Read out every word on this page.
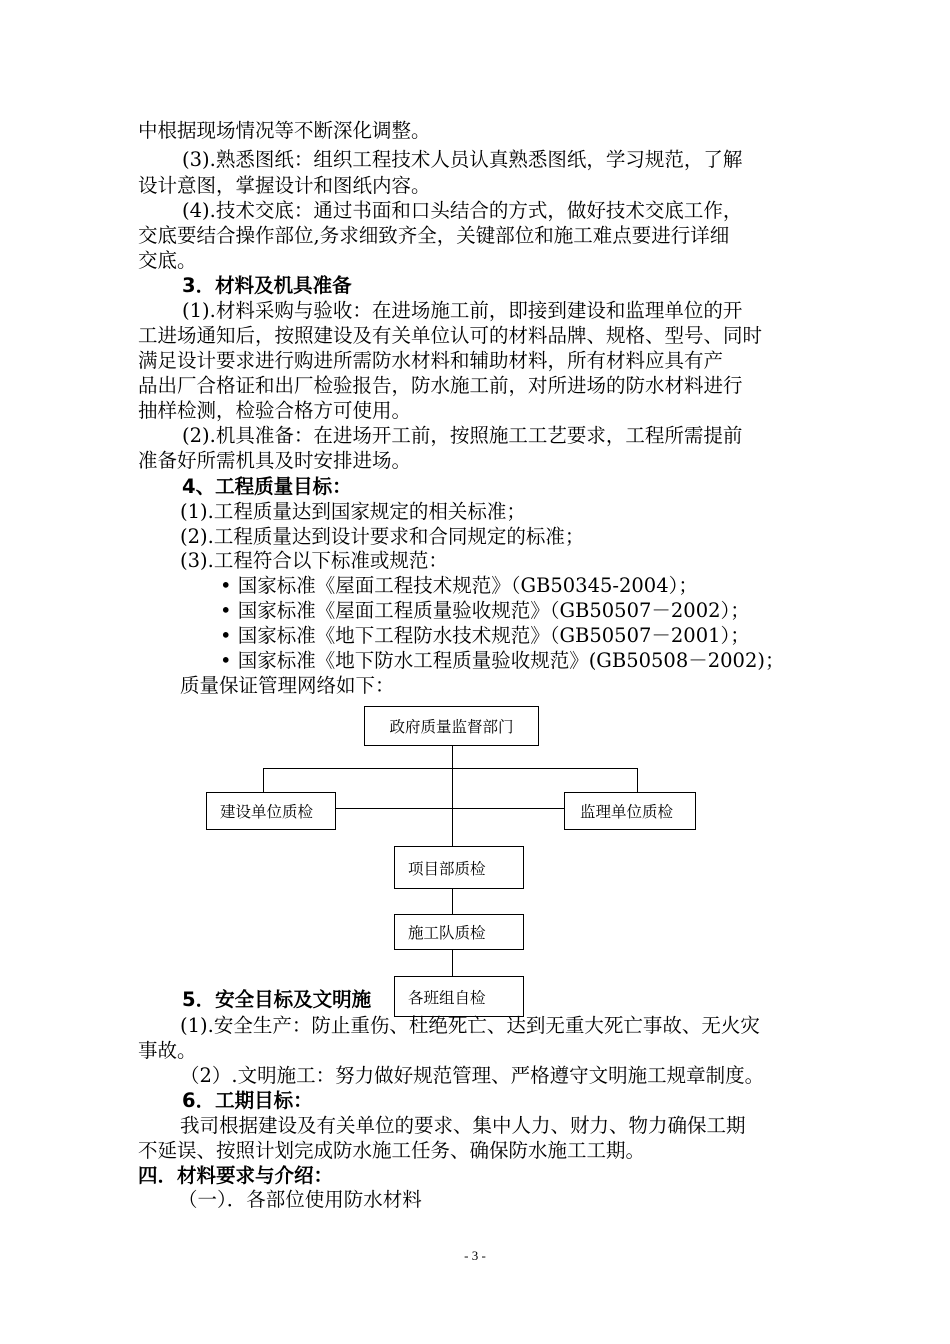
中根据现场情况等不断深化调整。
(3).熟悉图纸：组织工程技术人员认真熟悉图纸，学习规范，了解
设计意图，掌握设计和图纸内容。
(4).技术交底：通过书面和口头结合的方式，做好技术交底工作，
交底要结合操作部位,务求细致齐全，关键部位和施工难点要进行详细
交底。
3．材料及机具准备
(1).材料采购与验收：在进场施工前，即接到建设和监理单位的开
工进场通知后，按照建设及有关单位认可的材料品牌、规格、型号、同时
满足设计要求进行购进所需防水材料和辅助材料，所有材料应具有产
品出厂合格证和出厂检验报告，防水施工前，对所进场的防水材料进行
抽样检测，检验合格方可使用。
(2).机具准备：在进场开工前，按照施工工艺要求，工程所需提前
准备好所需机具及时安排进场。
4、工程质量目标：
(1).工程质量达到国家规定的相关标准；
(2).工程质量达到设计要求和合同规定的标准；
(3).工程符合以下标准或规范：
• 国家标准《屋面工程技术规范》（GB50345-2004）；
• 国家标准《屋面工程质量验收规范》（GB50507－2002）；
• 国家标准《地下工程防水技术规范》（GB50507－2001）；
• 国家标准《地下防水工程质量验收规范》(GB50508－2002)；
质量保证管理网络如下：
政府质量监督部门
建设单位质检	监理单位质检
项目部质检
施工队质检
5．安全目标及文明施	各班组自检
(1).安全生产：防止重伤、杜绝死亡、达到无重大死亡事故、无火灾
事故。
（2）.文明施工：努力做好规范管理、严格遵守文明施工规章制度。
6．工期目标：
我司根据建设及有关单位的要求、集中人力、财力、物力确保工期
不延误、按照计划完成防水施工任务、确保防水施工工期。
四．材料要求与介绍：
（一）．各部位使用防水材料
- 3 -
